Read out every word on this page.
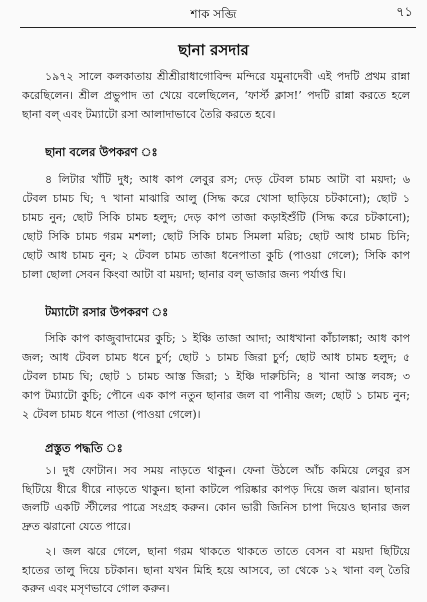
শাক সব্জি	৭১
ছানা রসদার
১৯৭২ সালে কলকাতায় শ্রীশ্রীরাধাগোবিন্দ মন্দিরে যমুনাদেবী এই পদটি প্রথম রান্না
করেছিলেন। শ্রীল প্রভুপাদ তা খেয়ে বলেছিলেন, ‘ফার্স্ট ক্লাস!’ পদটি রান্না করতে হলে
ছানা বল্ এবং টম্যাটো রসা আলাদাভাবে তৈরি করতে হবে।
ছানা বলের উপকরণ ঃ
৪ লিটার খাঁটি দুধ; আধ কাপ লেবুর রস; দেড় টেবল চামচ আটা বা ময়দা; ৬
টেবল চামচ ঘি; ৭ খানা মাঝারি আলু (সিদ্ধ করে খোসা ছাড়িয়ে চটকানো); ছোট ১
চামচ নুন; ছোট সিকি চামচ হলুদ; দেড় কাপ তাজা কড়াইশুঁটি (সিদ্ধ করে চটকানো);
ছোট সিকি চামচ গরম মশলা; ছোট সিকি চামচ সিমলা মরিচ; ছোট আধ চামচ চিনি;
ছোট আধ চামচ নুন; ২ টেবল চামচ তাজা ধনেপাতা কুচি (পাওয়া গেলে); সিকি কাপ
চালা ছোলা সেবন কিংবা আটা বা ময়দা; ছানার বল্ ভাজার জন্য পর্যাপ্ত ঘি।
টম্যাটো রসার উপকরণ ঃ
সিকি কাপ কাজুবাদামের কুচি; ১ ইঞ্চি তাজা আদা; আধখানা কাঁচালঙ্কা; আধ কাপ
জল; আধ টেবল চামচ ধনে চুর্ণ; ছোট ১ চামচ জিরা চুর্ণ; ছোট আধ চামচ হলুদ; ৫
টেবল চামচ ঘি; ছোট ১ চামচ আস্ত জিরা; ১ ইঞ্চি দারুচিনি; ৪ খানা আস্ত লবঙ্গ; ৩
কাপ টম্যাটো কুচি; পৌনে এক কাপ নতুন ছানার জল বা পানীয় জল; ছোট ১ চামচ নুন;
২ টেবল চামচ ধনে পাতা (পাওয়া গেলে)।
প্রস্তুত পদ্ধতি ঃ
১। দুধ ফোটান। সব সময় নাড়তে থাকুন। ফেনা উঠলে আঁচ কমিয়ে লেবুর রস
ছিটিয়ে ধীরে ধীরে নাড়তে থাকুন। ছানা কাটলে পরিষ্কার কাপড় দিয়ে জল ঝরান। ছানার
জলটি একটি স্টীলের পাত্রে সংগ্রহ করুন। কোন ভারী জিনিস চাপা দিয়েও ছানার জল
দ্রুত ঝরানো যেতে পারে।
২। জল ঝরে গেলে, ছানা গরম থাকতে থাকতে তাতে বেসন বা ময়দা ছিটিয়ে
হাতের তালু দিয়ে চটকান। ছানা যখন মিহি হয়ে আসবে, তা থেকে ১২ খানা বল্ তৈরি
করুন এবং মসৃণভাবে গোল করুন।
